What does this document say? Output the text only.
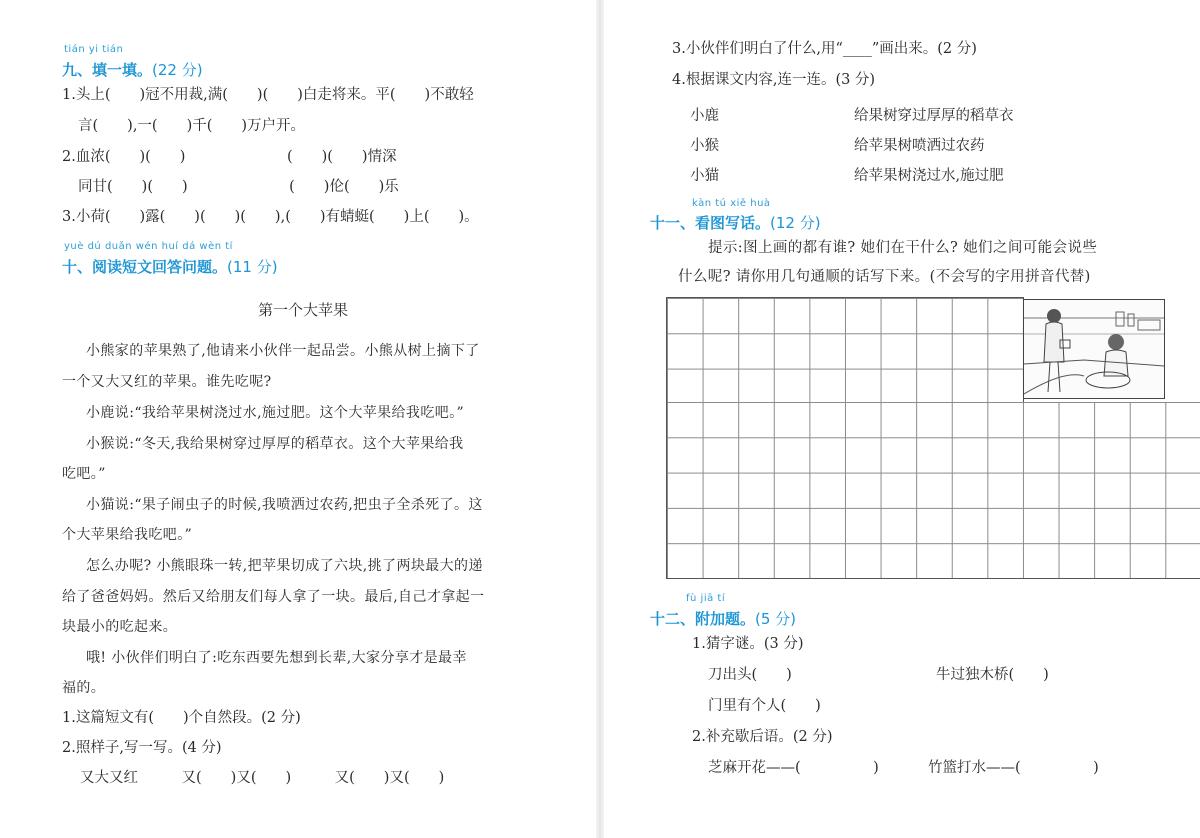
tián yi tián
九、填一填。(22 分)
1.头上(　　)冠不用裁,满(　　)(　　)白走将来。平(　　)不敢轻
言(　　),一(　　)千(　　)万户开。
2.血浓(　　)(　　)　　　　　　　(　　)(　　)情深
同甘(　　)(　　)　　　　　　　(　　)伦(　　)乐
3.小荷(　　)露(　　)(　　)(　　),(　　)有蜻蜓(　　)上(　　)。
yuè dú duǎn wén huí dá wèn tí
十、阅读短文回答问题。(11 分)
第一个大苹果
小熊家的苹果熟了,他请来小伙伴一起品尝。小熊从树上摘下了
一个又大又红的苹果。谁先吃呢?
小鹿说:“我给苹果树浇过水,施过肥。这个大苹果给我吃吧。”
小猴说:“冬天,我给果树穿过厚厚的稻草衣。这个大苹果给我
吃吧。”
小猫说:“果子闹虫子的时候,我喷洒过农药,把虫子全杀死了。这
个大苹果给我吃吧。”
怎么办呢? 小熊眼珠一转,把苹果切成了六块,挑了两块最大的递
给了爸爸妈妈。然后又给朋友们每人拿了一块。最后,自己才拿起一
块最小的吃起来。
哦! 小伙伴们明白了:吃东西要先想到长辈,大家分享才是最幸
福的。
1.这篇短文有(　　)个自然段。(2 分)
2.照样子,写一写。(4 分)
又大又红　　　又(　　)又(　　)　　　又(　　)又(　　)
3.小伙伴们明白了什么,用“____”画出来。(2 分)
4.根据课文内容,连一连。(3 分)
小鹿
小猴
小猫
给果树穿过厚厚的稻草衣
给苹果树喷洒过农药
给苹果树浇过水,施过肥
kàn tú xiě huà
十一、看图写话。(12 分)
提示:图上画的都有谁? 她们在干什么? 她们之间可能会说些
什么呢? 请你用几句通顺的话写下来。(不会写的字用拼音代替)
fù jiā tí
十二、附加题。(5 分)
1.猜字谜。(3 分)
刀出头(　　)	牛过独木桥(　　)
门里有个人(　　)
2.补充歇后语。(2 分)
芝麻开花——(　　　　　)	竹篮打水——(　　　　　)
